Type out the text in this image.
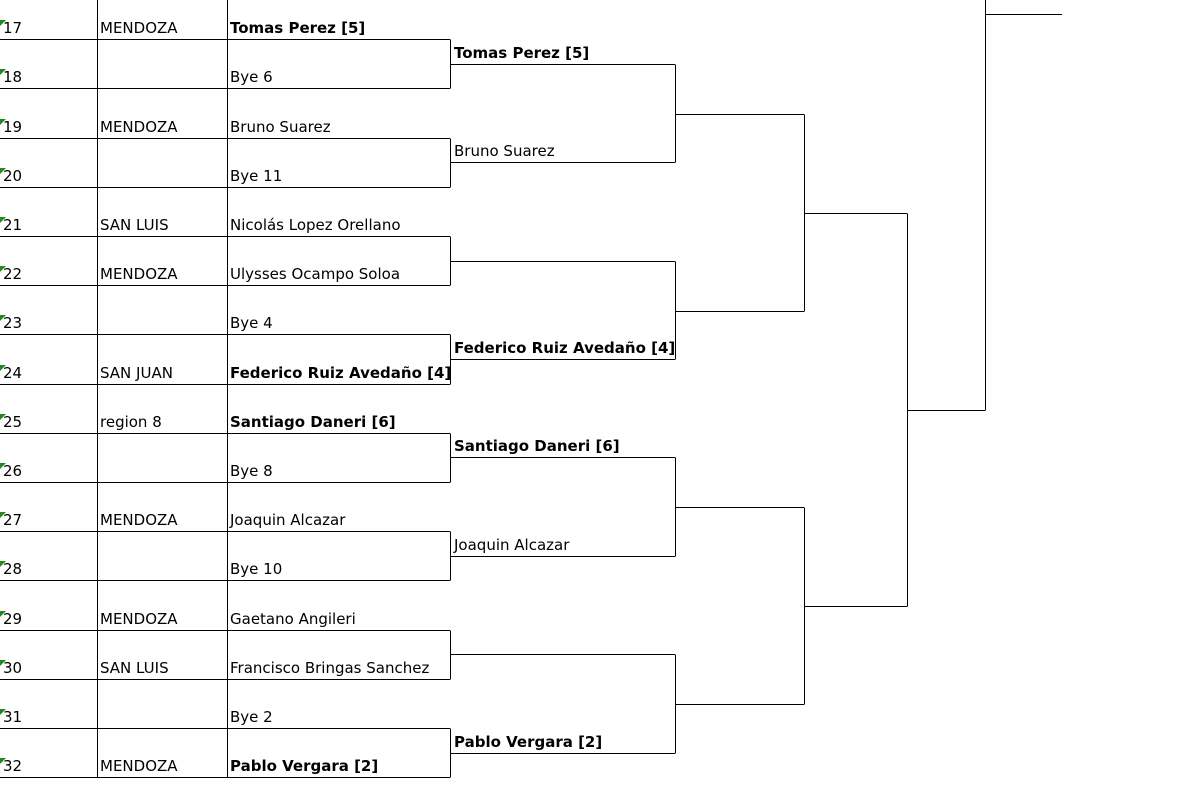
17	MENDOZA	Tomas Perez [5]
18	Bye 6
19	MENDOZA	Bruno Suarez
20	Bye 11
21	SAN LUIS	Nicolás Lopez Orellano
22	MENDOZA	Ulysses Ocampo Soloa
23	Bye 4
24	SAN JUAN	Federico Ruiz Avedaño [4]
25	region 8	Santiago Daneri [6]
26	Bye 8
27	MENDOZA	Joaquin Alcazar
28	Bye 10
29	MENDOZA	Gaetano Angileri
30	SAN LUIS	Francisco Bringas Sanchez
31	Bye 2
32	MENDOZA	Pablo Vergara [2]
Tomas Perez [5]
Bruno Suarez
Federico Ruiz Avedaño [4]
Santiago Daneri [6]
Joaquin Alcazar
Pablo Vergara [2]
